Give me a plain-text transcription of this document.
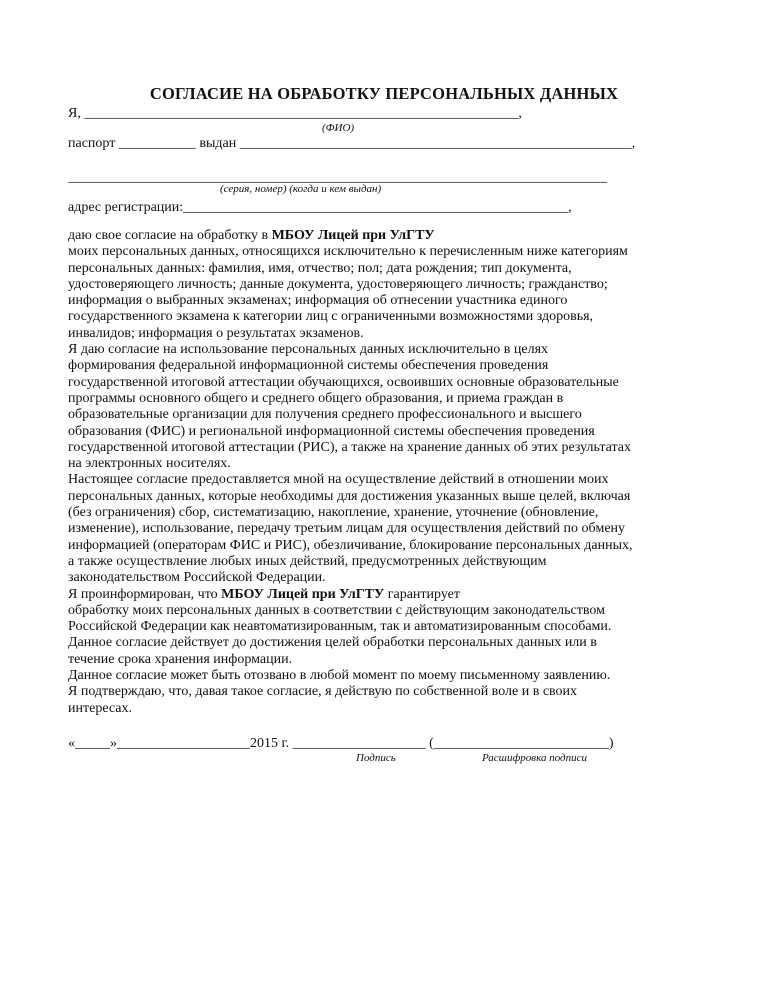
СОГЛАСИЕ НА ОБРАБОТКУ ПЕРСОНАЛЬНЫХ ДАННЫХ
Я, ______________________________________________________________,
(ФИО)
паспорт ___________ выдан ________________________________________________________,
_____________________________________________________________________________
(серия, номер) (когда и кем выдан)
адрес регистрации:_______________________________________________________,
даю свое согласие на обработку в МБОУ Лицей при УлГТУ
моих персональных данных, относящихся исключительно к перечисленным ниже категориям
персональных данных: фамилия, имя, отчество; пол; дата рождения; тип документа,
удостоверяющего личность; данные документа, удостоверяющего личность; гражданство;
информация о выбранных экзаменах; информация об отнесении участника единого
государственного экзамена к категории лиц с ограниченными возможностями здоровья,
инвалидов; информация о результатах экзаменов.
Я даю согласие на использование персональных данных исключительно в целях
формирования федеральной информационной системы обеспечения проведения
государственной итоговой аттестации обучающихся, освоивших основные образовательные
программы основного общего и среднего общего образования, и приема граждан в
образовательные организации для получения среднего профессионального и высшего
образования (ФИС) и региональной информационной системы обеспечения проведения
государственной итоговой аттестации (РИС), а также на хранение данных об этих результатах
на электронных носителях.
Настоящее согласие предоставляется мной на осуществление действий в отношении моих
персональных данных, которые необходимы для достижения указанных выше целей, включая
(без ограничения) сбор, систематизацию, накопление, хранение, уточнение (обновление,
изменение), использование, передачу третьим лицам для осуществления действий по обмену
информацией (операторам ФИС и РИС), обезличивание, блокирование персональных данных,
а также осуществление любых иных действий, предусмотренных действующим
законодательством Российской Федерации.
Я проинформирован, что МБОУ Лицей при УлГТУ гарантирует
обработку моих персональных данных в соответствии с действующим законодательством
Российской Федерации как неавтоматизированным, так и автоматизированным способами.
Данное согласие действует до достижения целей обработки персональных данных или в
течение срока хранения информации.
Данное согласие может быть отозвано в любой момент по моему письменному заявлению.
Я подтверждаю, что, давая такое согласие, я действую по собственной воле и в своих
интересах.
«_____»___________________2015 г. ___________________ (_________________________)
Подпись	Расшифровка подписи
